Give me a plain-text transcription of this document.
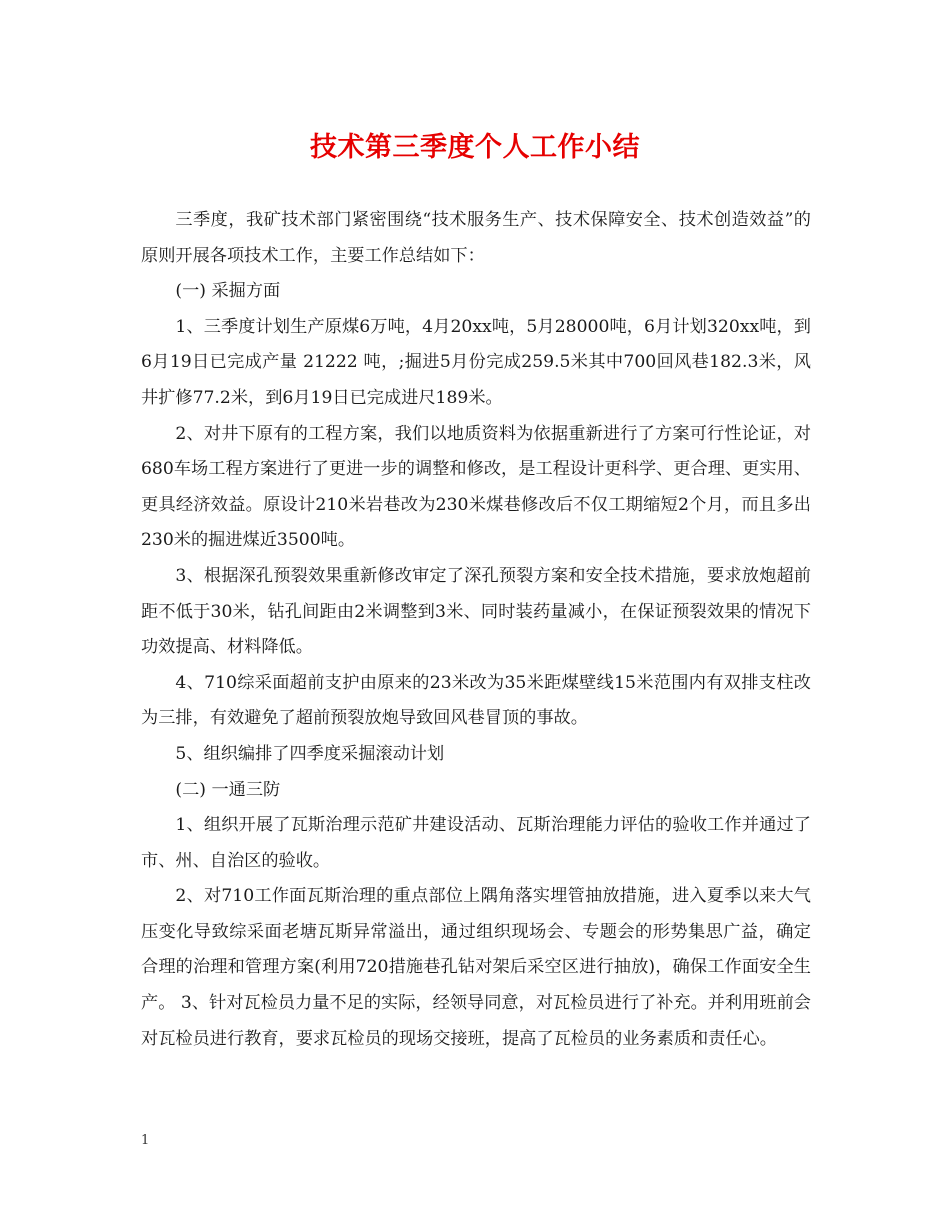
技术第三季度个人工作小结

三季度，我矿技术部门紧密围绕“技术服务生产、技术保障安全、技术创造效益”的原则开展各项技术工作，主要工作总结如下：

(一) 采掘方面

1、三季度计划生产原煤6万吨，4月20xx吨，5月28000吨，6月计划320xx吨，到6月19日已完成产量 21222 吨，;掘进5月份完成259.5米其中700回风巷182.3米，风井扩修77.2米，到6月19日已完成进尺189米。

2、对井下原有的工程方案，我们以地质资料为依据重新进行了方案可行性论证，对680车场工程方案进行了更进一步的调整和修改，是工程设计更科学、更合理、更实用、更具经济效益。原设计210米岩巷改为230米煤巷修改后不仅工期缩短2个月，而且多出230米的掘进煤近3500吨。

3、根据深孔预裂效果重新修改审定了深孔预裂方案和安全技术措施，要求放炮超前距不低于30米，钻孔间距由2米调整到3米、同时装药量减小，在保证预裂效果的情况下功效提高、材料降低。

4、710综采面超前支护由原来的23米改为35米距煤壁线15米范围内有双排支柱改为三排，有效避免了超前预裂放炮导致回风巷冒顶的事故。

5、组织编排了四季度采掘滚动计划

(二) 一通三防

1、组织开展了瓦斯治理示范矿井建设活动、瓦斯治理能力评估的验收工作并通过了市、州、自治区的验收。

2、对710工作面瓦斯治理的重点部位上隅角落实埋管抽放措施，进入夏季以来大气压变化导致综采面老塘瓦斯异常溢出，通过组织现场会、专题会的形势集思广益，确定合理的治理和管理方案(利用720措施巷孔钻对架后采空区进行抽放)，确保工作面安全生产。 3、针对瓦检员力量不足的实际，经领导同意，对瓦检员进行了补充。并利用班前会对瓦检员进行教育，要求瓦检员的现场交接班，提高了瓦检员的业务素质和责任心。

1
